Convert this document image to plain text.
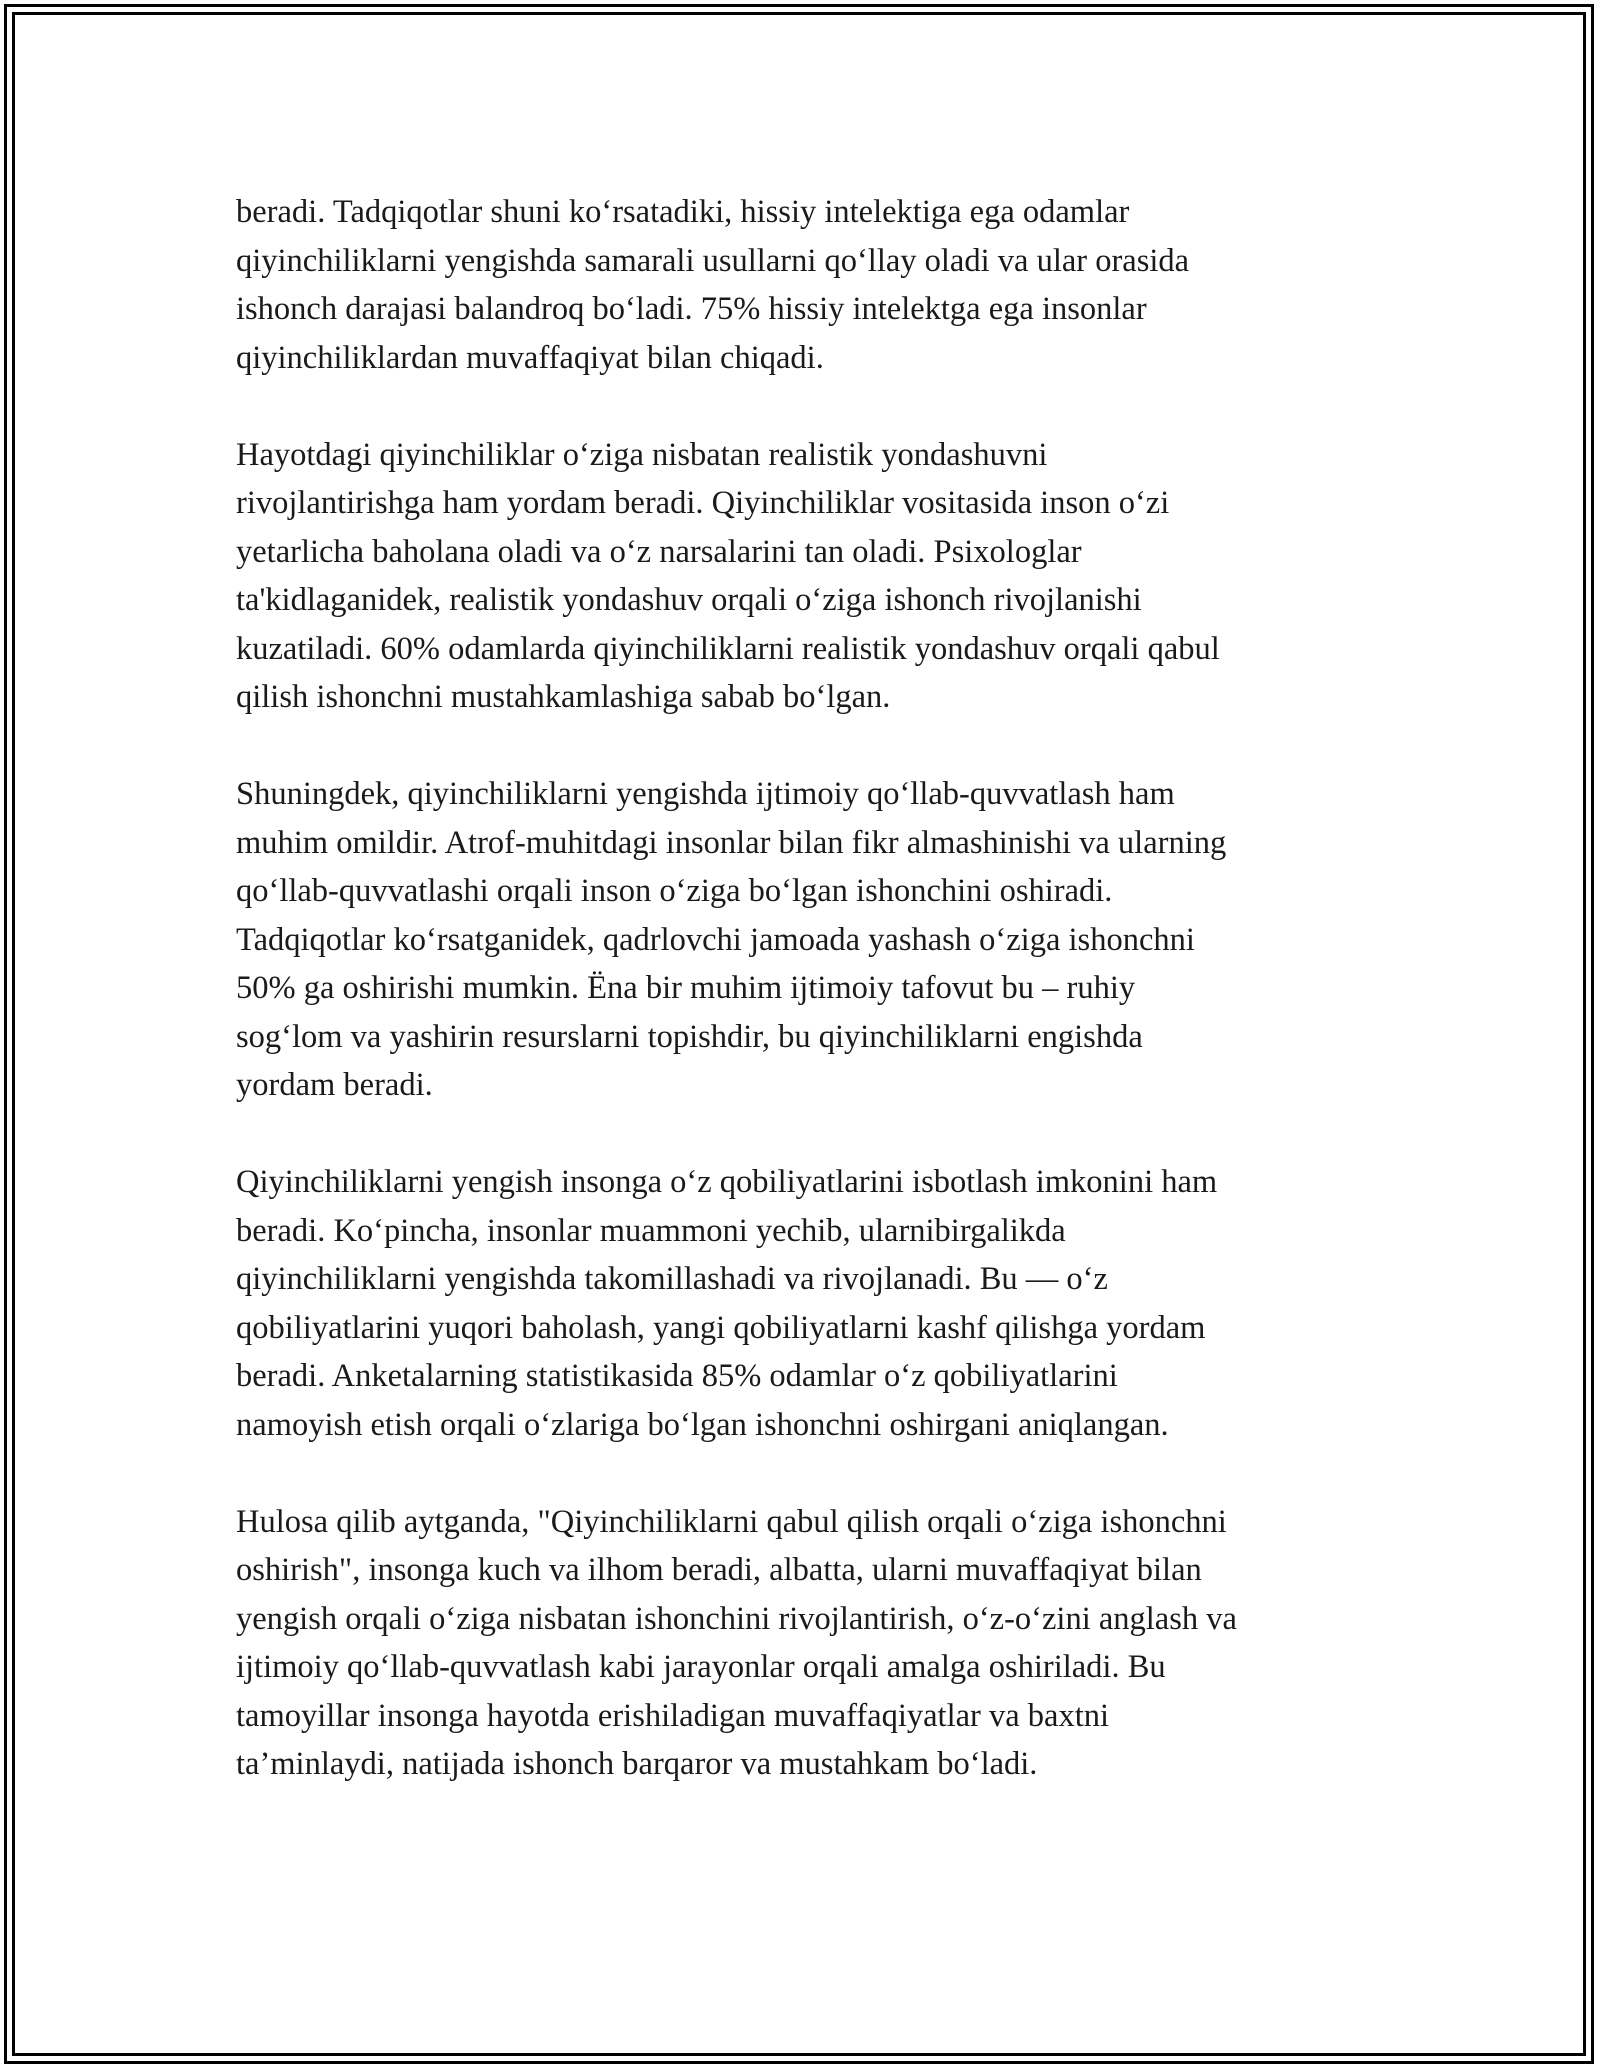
beradi. Tadqiqotlar shuni koʻrsatadiki, hissiy intelektiga ega odamlar
qiyinchiliklarni yengishda samarali usullarni qoʻllay oladi va ular orasida
ishonch darajasi balandroq boʻladi. 75% hissiy intelektga ega insonlar
qiyinchiliklardan muvaffaqiyat bilan chiqadi.

Hayotdagi qiyinchiliklar oʻziga nisbatan realistik yondashuvni
rivojlantirishga ham yordam beradi. Qiyinchiliklar vositasida inson oʻzi
yetarlicha baholana oladi va oʻz narsalarini tan oladi. Psixologlar
ta'kidlaganidek, realistik yondashuv orqali oʻziga ishonch rivojlanishi
kuzatiladi. 60% odamlarda qiyinchiliklarni realistik yondashuv orqali qabul
qilish ishonchni mustahkamlashiga sabab boʻlgan.

Shuningdek, qiyinchiliklarni yengishda ijtimoiy qoʻllab-quvvatlash ham
muhim omildir. Atrof-muhitdagi insonlar bilan fikr almashinishi va ularning
qoʻllab-quvvatlashi orqali inson oʻziga boʻlgan ishonchini oshiradi.
Tadqiqotlar koʻrsatganidek, qadrlovchi jamoada yashash oʻziga ishonchni
50% ga oshirishi mumkin. Ëna bir muhim ijtimoiy tafovut bu – ruhiy
sogʻlom va yashirin resurslarni topishdir, bu qiyinchiliklarni engishda
yordam beradi.

Qiyinchiliklarni yengish insonga oʻz qobiliyatlarini isbotlash imkonini ham
beradi. Koʻpincha, insonlar muammoni yechib, ularnibirgalikda
qiyinchiliklarni yengishda takomillashadi va rivojlanadi. Bu — oʻz
qobiliyatlarini yuqori baholash, yangi qobiliyatlarni kashf qilishga yordam
beradi. Anketalarning statistikasida 85% odamlar oʻz qobiliyatlarini
namoyish etish orqali oʻzlariga boʻlgan ishonchni oshirgani aniqlangan.

Hulosa qilib aytganda, "Qiyinchiliklarni qabul qilish orqali oʻziga ishonchni
oshirish", insonga kuch va ilhom beradi, albatta, ularni muvaffaqiyat bilan
yengish orqali oʻziga nisbatan ishonchini rivojlantirish, oʻz-oʻzini anglash va
ijtimoiy qoʻllab-quvvatlash kabi jarayonlar orqali amalga oshiriladi. Bu
tamoyillar insonga hayotda erishiladigan muvaffaqiyatlar va baxtni
ta’minlaydi, natijada ishonch barqaror va mustahkam boʻladi.
